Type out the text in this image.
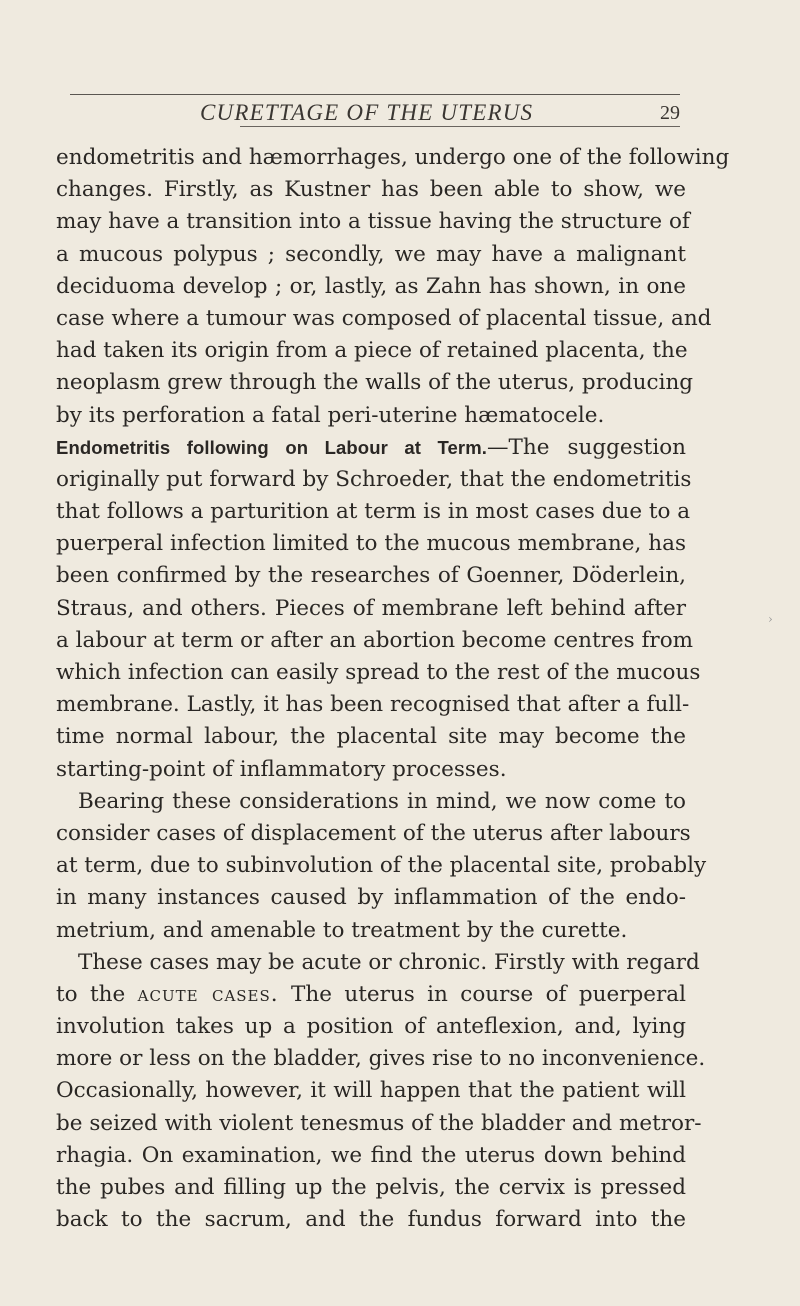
CURETTAGE OF THE UTERUS	29
endometritis and hæmorrhages, undergo one of the following
changes. Firstly, as Kustner has been able to show, we
may have a transition into a tissue having the structure of
a mucous polypus ; secondly, we may have a malignant
deciduoma develop ; or, lastly, as Zahn has shown, in one
case where a tumour was composed of placental tissue, and
had taken its origin from a piece of retained placenta, the
neoplasm grew through the walls of the uterus, producing
by its perforation a fatal peri-uterine hæmatocele.
Endometritis following on Labour at Term.—The suggestion
originally put forward by Schroeder, that the endometritis
that follows a parturition at term is in most cases due to a
puerperal infection limited to the mucous membrane, has
been confirmed by the researches of Goenner, Döderlein,
Straus, and others. Pieces of membrane left behind after
a labour at term or after an abortion become centres from
which infection can easily spread to the rest of the mucous
membrane. Lastly, it has been recognised that after a full-
time normal labour, the placental site may become the
starting-point of inflammatory processes.
Bearing these considerations in mind, we now come to
consider cases of displacement of the uterus after labours
at term, due to subinvolution of the placental site, probably
in many instances caused by inflammation of the endo-
metrium, and amenable to treatment by the curette.
These cases may be acute or chronic. Firstly with regard
to the acute cases. The uterus in course of puerperal
involution takes up a position of anteflexion, and, lying
more or less on the bladder, gives rise to no inconvenience.
Occasionally, however, it will happen that the patient will
be seized with violent tenesmus of the bladder and metror-
rhagia. On examination, we find the uterus down behind
the pubes and filling up the pelvis, the cervix is pressed
back to the sacrum, and the fundus forward into the
›
